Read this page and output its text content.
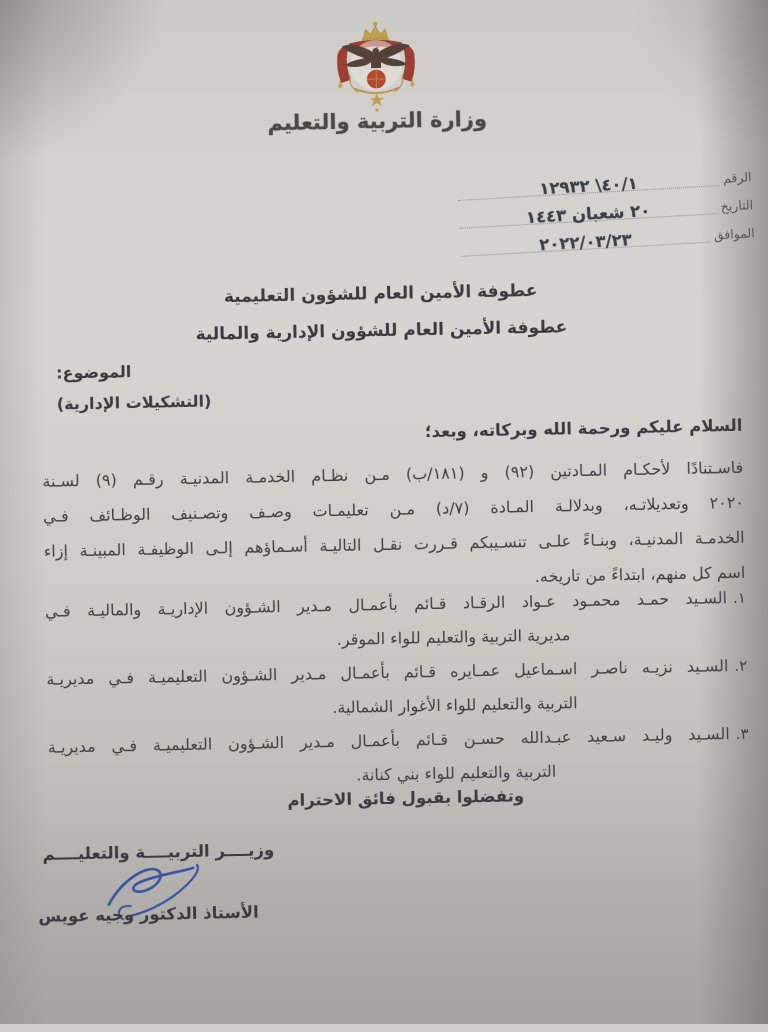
وزارة التربية والتعليم
الرقم
١٢٩٣٢ \٤٠/١
التاريخ
٢٠ شعبان ١٤٤٣
الموافق
٢٠٢٢/٠٣/٢٣
عطوفة الأمين العام للشؤون التعليمية
عطوفة الأمين العام للشؤون الإدارية والمالية
الموضوع:
(التشكيلات الإدارية)
السلام عليكم ورحمة الله وبركاته، وبعد؛
فاسـتنادًا لأحكـام المـادتين (٩٢) و (١٨١/ب) مـن نظـام الخدمـة المدنيـة رقـم (٩) لسـنة
٢٠٢٠ وتعديلاتـه، وبدلالـة المـادة (٧/د) مـن تعليمـات وصـف وتصـنيف الوظـائف فـي
الخدمـة المدنيـة، وبنـاءً علـى تنسـيبكم قـررت نقـل التاليـة أسـماؤهم إلـى الوظيفـة المبينـة إزاء
اسم كل منهم، ابتداءً من تاريخه.
١.السـيد حمـد محمـود عـواد الرقـاد قـائم بأعمـال مـدير الشـؤون الإداريـة والماليـة فـي
مديرية التربية والتعليم للواء الموقر.
٢.السـيد نزيـه ناصـر اسـماعيل عمـايره قـائم بأعمـال مـدير الشـؤون التعليميـة فـي مديريـة
التربية والتعليم للواء الأغوار الشمالية.
٣.السـيد وليـد سـعيد عبـدالله حسـن قـائم بأعمـال مـدير الشـؤون التعليميـة فـي مديريـة
التربية والتعليم للواء بني كنانة.
وتفضلوا بقبول فائق الاحترام
وزيــــر التربيــــة والتعليــــم
الأستاذ الدكتور وجيه عويس
